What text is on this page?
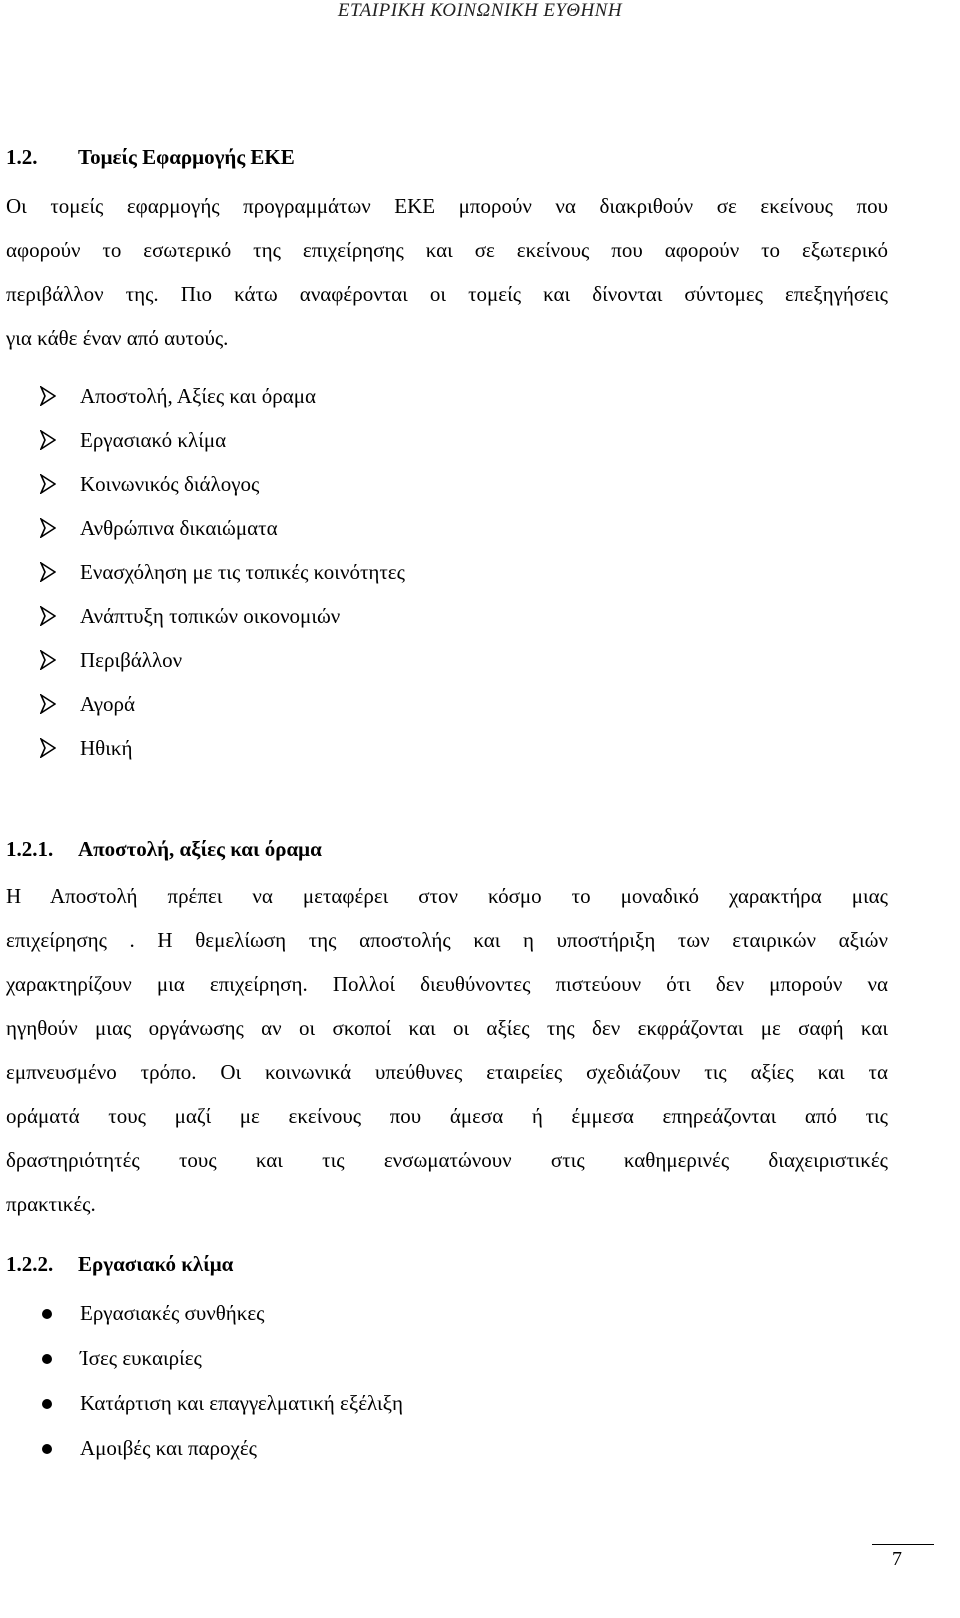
ΕΤΑΙΡΙΚΗ ΚΟΙΝΩΝΙΚΗ ΕΥΘΗΝΗ
1.2. Τομείς Εφαρμογής ΕΚΕ
Οι τομείς εφαρμογής προγραμμάτων ΕΚΕ μπορούν να διακριθούν σε εκείνους που
αφορούν το εσωτερικό της επιχείρησης και σε εκείνους που αφορούν το εξωτερικό
περιβάλλον της. Πιο κάτω αναφέρονται οι τομείς και δίνονται σύντομες επεξηγήσεις
για κάθε έναν από αυτούς.
Αποστολή, Αξίες και όραμα
Εργασιακό κλίμα
Κοινωνικός διάλογος
Ανθρώπινα δικαιώματα
Ενασχόληση με τις τοπικές κοινότητες
Ανάπτυξη τοπικών οικονομιών
Περιβάλλον
Αγορά
Ηθική
1.2.1. Αποστολή, αξίες και όραμα
Η Αποστολή πρέπει να μεταφέρει στον κόσμο το μοναδικό χαρακτήρα μιας
επιχείρησης . Η θεμελίωση της αποστολής και η υποστήριξη των εταιρικών αξιών
χαρακτηρίζουν μια επιχείρηση. Πολλοί διευθύνοντες πιστεύουν ότι δεν μπορούν να
ηγηθούν μιας οργάνωσης αν οι σκοποί και οι αξίες της δεν εκφράζονται με σαφή και
εμπνευσμένο τρόπο. Οι κοινωνικά υπεύθυνες εταιρείες σχεδιάζουν τις αξίες και τα
οράματά τους μαζί με εκείνους που άμεσα ή έμμεσα επηρεάζονται από τις
δραστηριότητές τους και τις ενσωματώνουν στις καθημερινές διαχειριστικές
πρακτικές.
1.2.2. Εργασιακό κλίμα
Εργασιακές συνθήκες
Ίσες ευκαιρίες
Κατάρτιση και επαγγελματική εξέλιξη
Αμοιβές και παροχές
7
